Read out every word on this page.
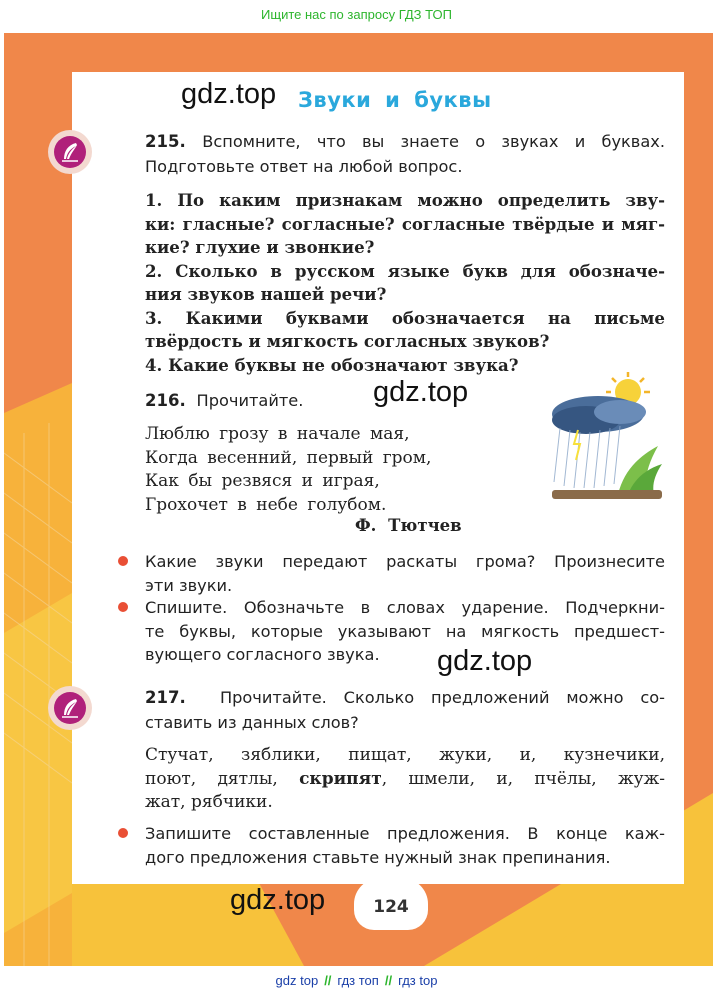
Ищите нас по запросу ГДЗ ТОП
124
gdz.top
gdz.top
gdz.top
gdz.top
Звуки и буквы
215. Вспомните, что вы знаете о звуках и буквах.
Подготовьте ответ на любой вопрос.
1. По каким признакам можно определить зву-
ки: гласные? согласные? согласные твёрдые и мяг-
кие? глухие и звонкие?
2. Сколько в русском языке букв для обозначе-
ния звуков нашей речи?
3. Какими буквами обозначается на письме
твёрдость и мягкость согласных звуков?
4. Какие буквы не обозначают звука?
216. Прочитайте.
Люблю грозу в начале мая,
Когда весенний, первый гром,
Как бы резвяся и играя,
Грохочет в небе голубом.
Ф. Тютчев
Какие звуки передают раскаты грома? Произнесите
эти звуки.
Спишите. Обозначьте в словах ударение. Подчеркни-
те буквы, которые указывают на мягкость предшест-
вующего согласного звука.
217. Прочитайте. Сколько предложений можно со-
ставить из данных слов?
Стучат, зяблики, пищат, жуки, и, кузнечики,
поют, дятлы, скрипят, шмели, и, пчёлы, жуж-
жат, рябчики.
Запишите составленные предложения. В конце каж-
дого предложения ставьте нужный знак препинания.
gdz top // гдз топ // гдз top
